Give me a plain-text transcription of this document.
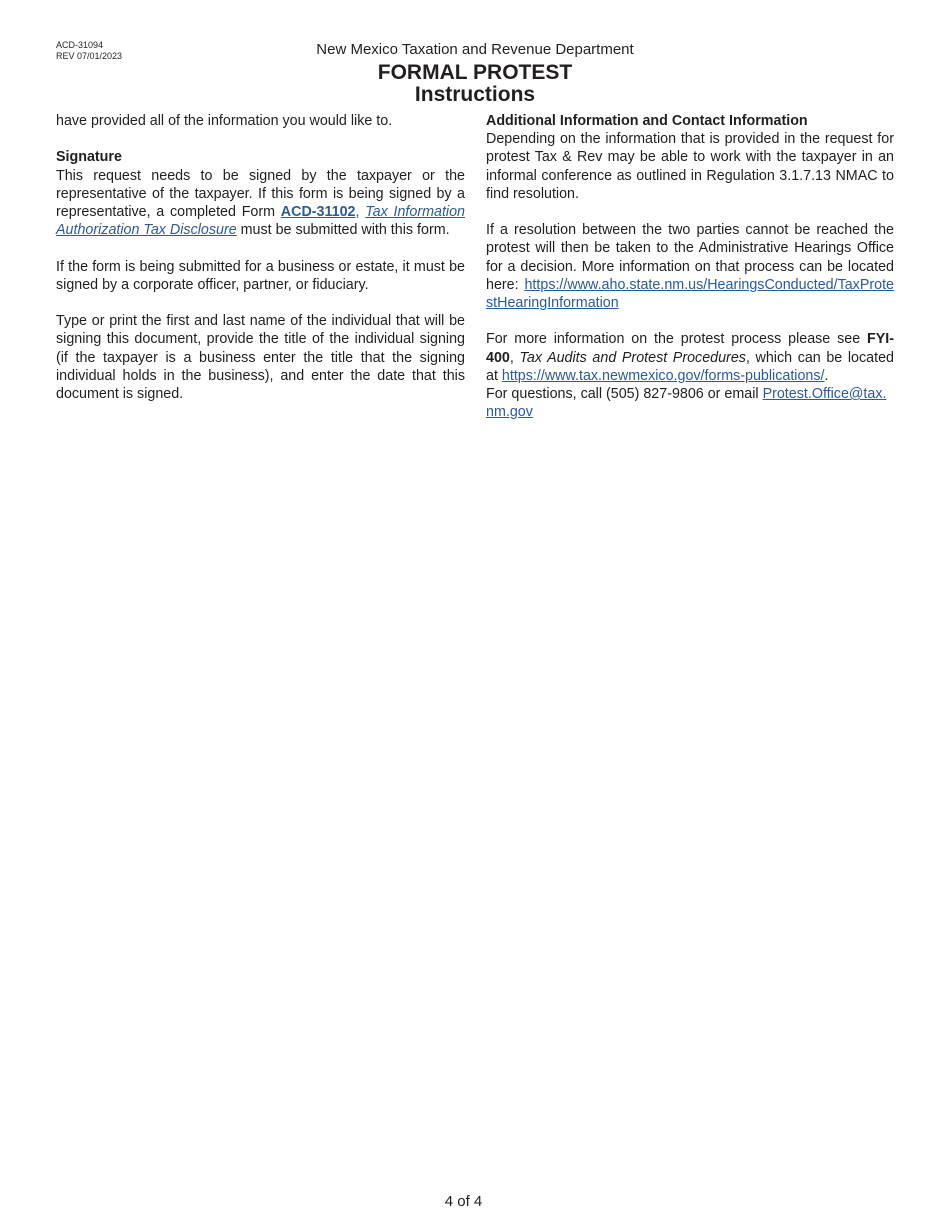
ACD-31094
REV 07/01/2023	New Mexico Taxation and Revenue Department
FORMAL PROTEST
Instructions

have provided all of the information you would like to.

Signature

This request needs to be signed by the taxpayer or the representative of the taxpayer. If this form is being signed by a representative, a completed Form ACD-31102, Tax Information Authorization Tax Disclosure must be submitted with this form.

If the form is being submitted for a business or estate, it must be signed by a corporate officer, partner, or fiduciary.

Type or print the first and last name of the individual that will be signing this document, provide the title of the individual signing (if the taxpayer is a business enter the title that the signing individual holds in the business), and enter the date that this document is signed.

Additional Information and Contact Information

Depending on the information that is provided in the request for protest Tax & Rev may be able to work with the taxpayer in an informal conference as outlined in Regulation 3.1.7.13 NMAC to find resolution.

If a resolution between the two parties cannot be reached the protest will then be taken to the Administrative Hearings Office for a decision. More information on that process can be located here: https://www.aho.state.nm.us/HearingsConducted/TaxProtestHearingInformation

For more information on the protest process please see FYI-400, Tax Audits and Protest Procedures, which can be located at https://www.tax.newmexico.gov/forms-publications/.

For questions, call (505) 827-9806 or email Protest.Office@tax.nm.gov

4 of 4
